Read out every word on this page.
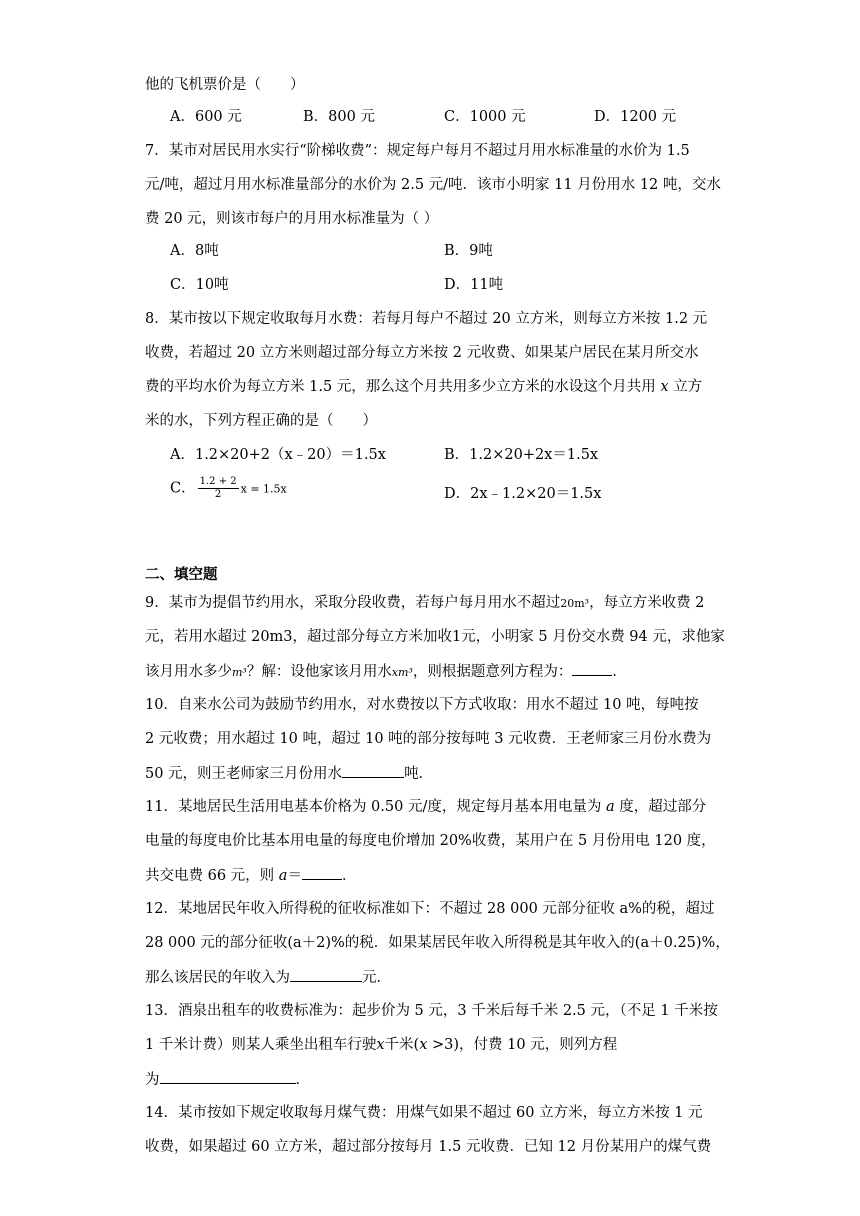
他的飞机票价是（　　）
A．600 元	B．800 元	C．1000 元	D．1200 元
7．某市对居民用水实行“阶梯收费”：规定每户每月不超过月用水标准量的水价为 1.5
元/吨，超过月用水标准量部分的水价为 2.5 元/吨．该市小明家 11 月份用水 12 吨，交水
费 20 元，则该市每户的月用水标准量为（ ）
A．8吨	B．9吨
C．10吨	D．11吨
8．某市按以下规定收取每月水费：若每月每户不超过 20 立方米，则每立方米按 1.2 元
收费，若超过 20 立方米则超过部分每立方米按 2 元收费、如果某户居民在某月所交水
费的平均水价为每立方米 1.5 元，那么这个月共用多少立方米的水设这个月共用 x 立方
米的水，下列方程正确的是（　　）
A．1.2×20+2（x﹣20）＝1.5x	B．1.2×20+2x＝1.5x
C． $\frac{1.2 + 2}{2}$ x = 1.5x	D．2x﹣1.2×20＝1.5x
二、填空题
9．某市为提倡节约用水，采取分段收费，若每户每月用水不超过20m³，每立方米收费 2
元，若用水超过 20m3，超过部分每立方米加收1元，小明家 5 月份交水费 94 元，求他家
该月用水多少m³？解：设他家该月用水xm³，则根据题意列方程为：	．
10．自来水公司为鼓励节约用水，对水费按以下方式收取：用水不超过 10 吨，每吨按
2 元收费；用水超过 10 吨，超过 10 吨的部分按每吨 3 元收费．王老师家三月份水费为
50 元，则王老师家三月份用水	吨．
11．某地居民生活用电基本价格为 0.50 元/度，规定每月基本用电量为 a 度，超过部分
电量的每度电价比基本用电量的每度电价增加 20%收费，某用户在 5 月份用电 120 度，
共交电费 66 元，则 a＝	．
12．某地居民年收入所得税的征收标准如下：不超过 28 000 元部分征收 a%的税，超过
28 000 元的部分征收(a＋2)%的税．如果某居民年收入所得税是其年收入的(a＋0.25)%，
那么该居民的年收入为	元．
13．酒泉出租车的收费标准为：起步价为 5 元，3 千米后每千米 2.5 元，（不足 1 千米按
1 千米计费）则某人乘坐出租车行驶x千米(x >3)，付费 10 元，则列方程
为	．
14．某市按如下规定收取每月煤气费：用煤气如果不超过 60 立方米，每立方米按 1 元
收费，如果超过 60 立方米，超过部分按每月 1.5 元收费．已知 12 月份某用户的煤气费
